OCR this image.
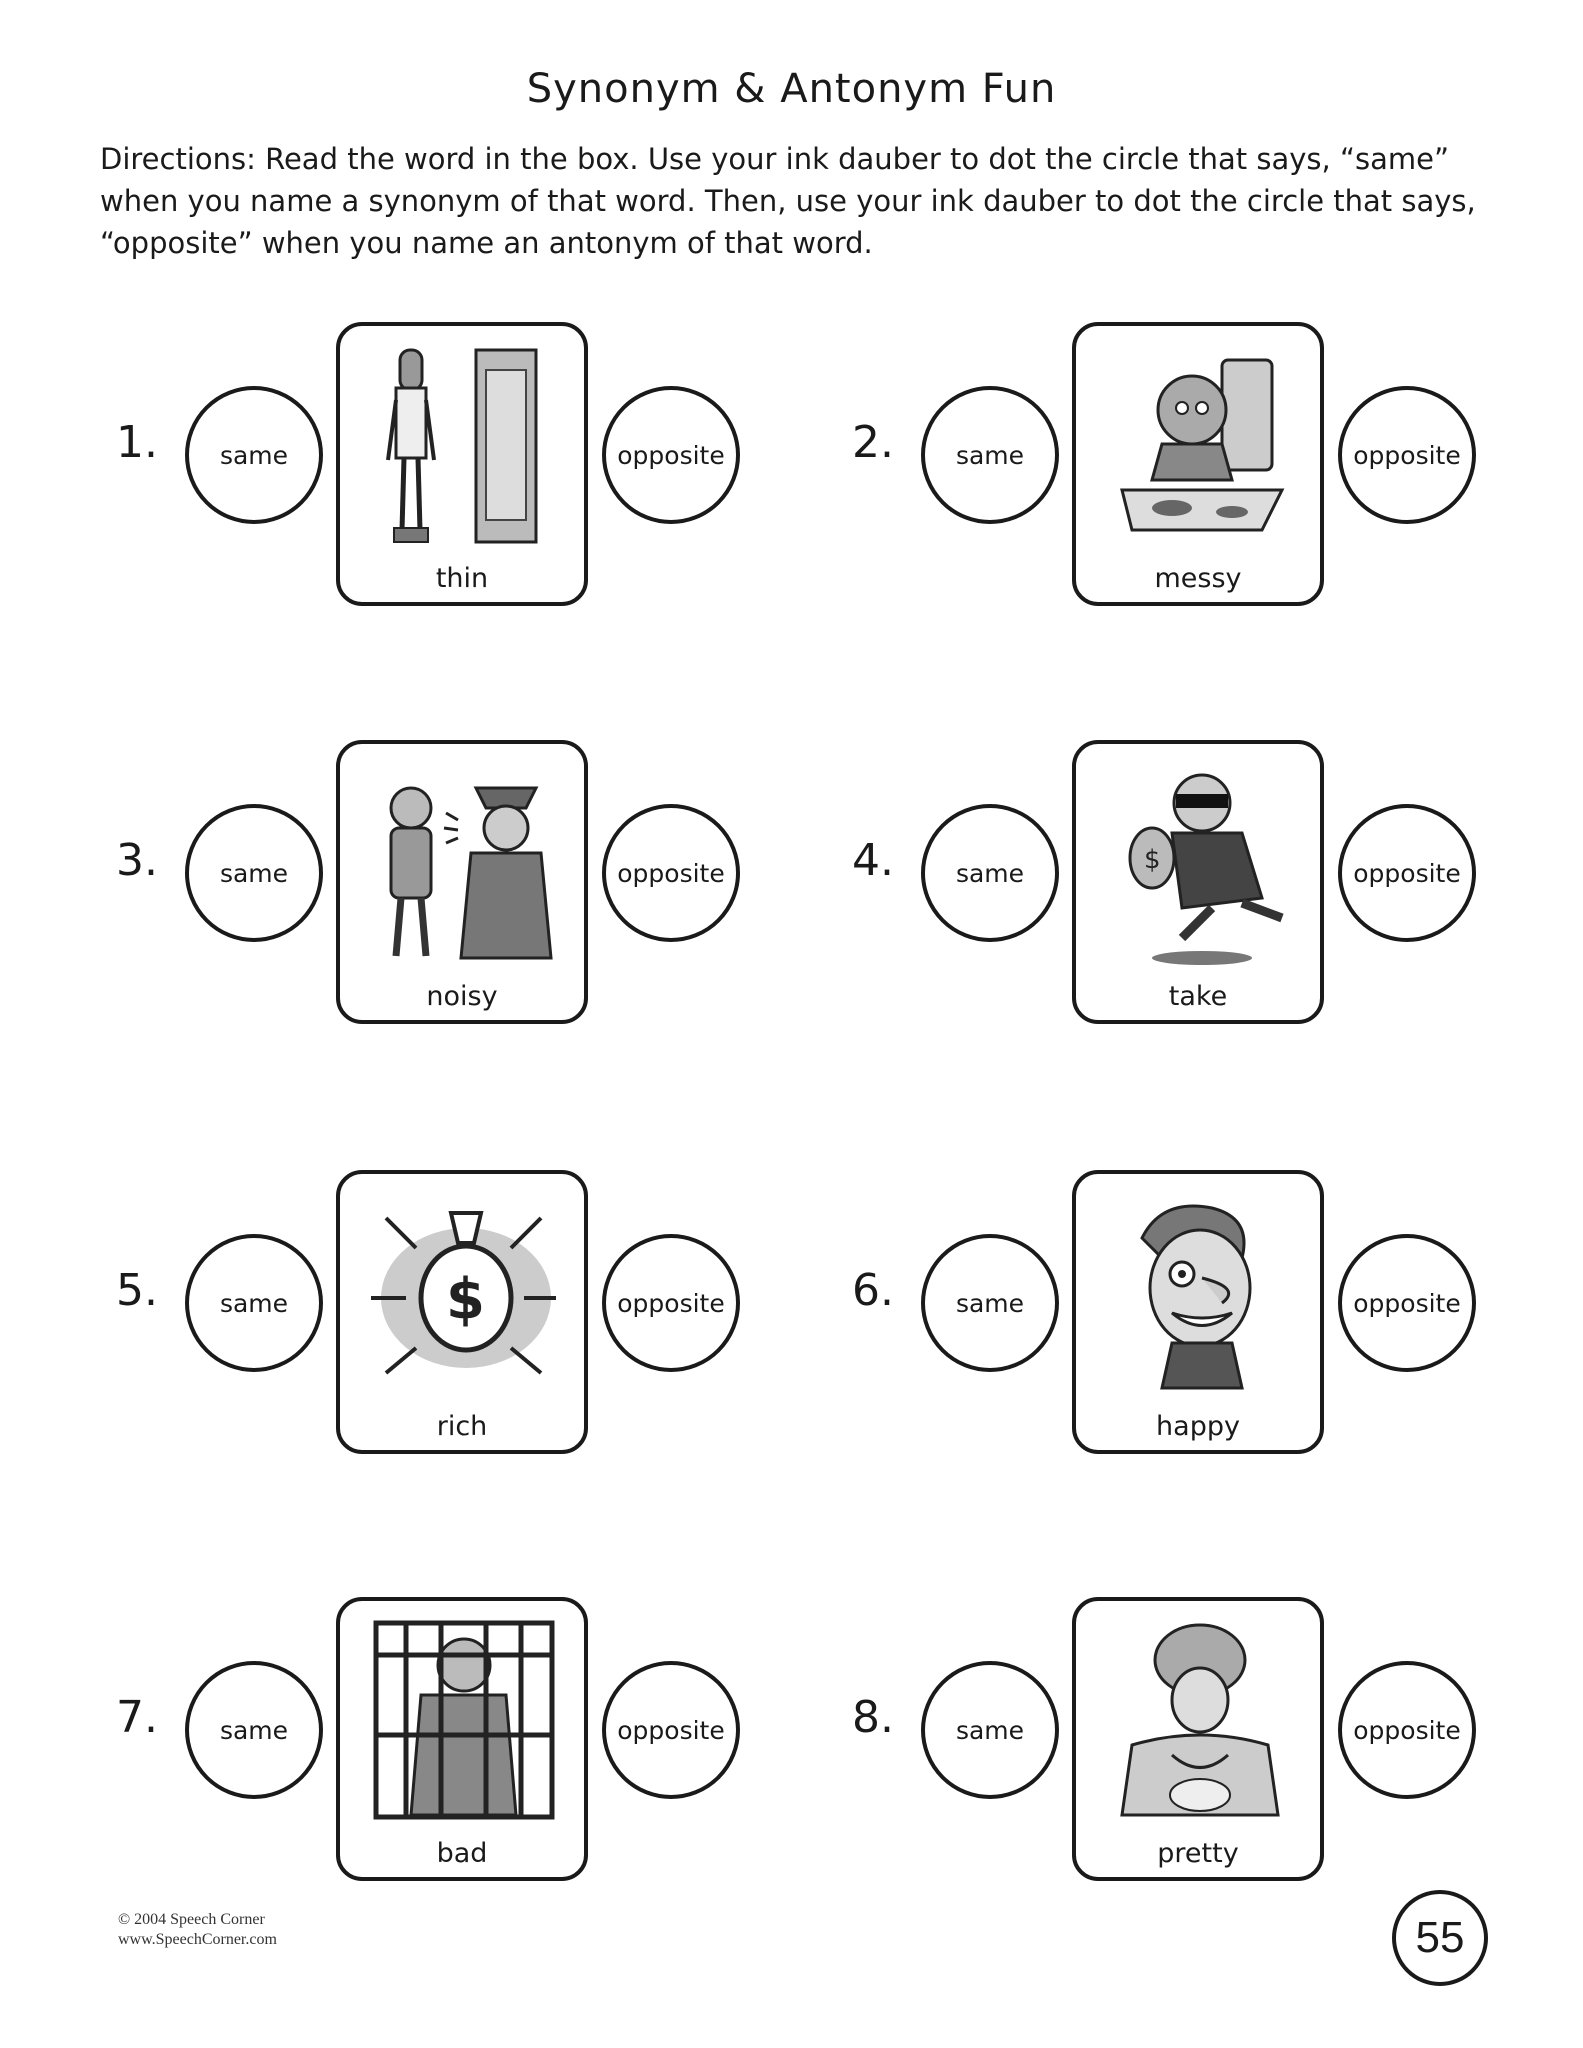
Synonym & Antonym Fun
Directions: Read the word in the box. Use your ink dauber to dot the circle that says, “same” when you name a synonym of that word. Then, use your ink dauber to dot the circle that says, “opposite” when you name an antonym of that word.
1.	same
thin
opposite	2.	same
messy
opposite
3.	same
noisy
opposite	4.	same	$
take
opposite
5.	same	$
rich
opposite	6.	same
happy
opposite
7.	same
bad
opposite	8.	same
pretty
opposite
© 2004 Speech Corner
www.SpeechCorner.com	55
